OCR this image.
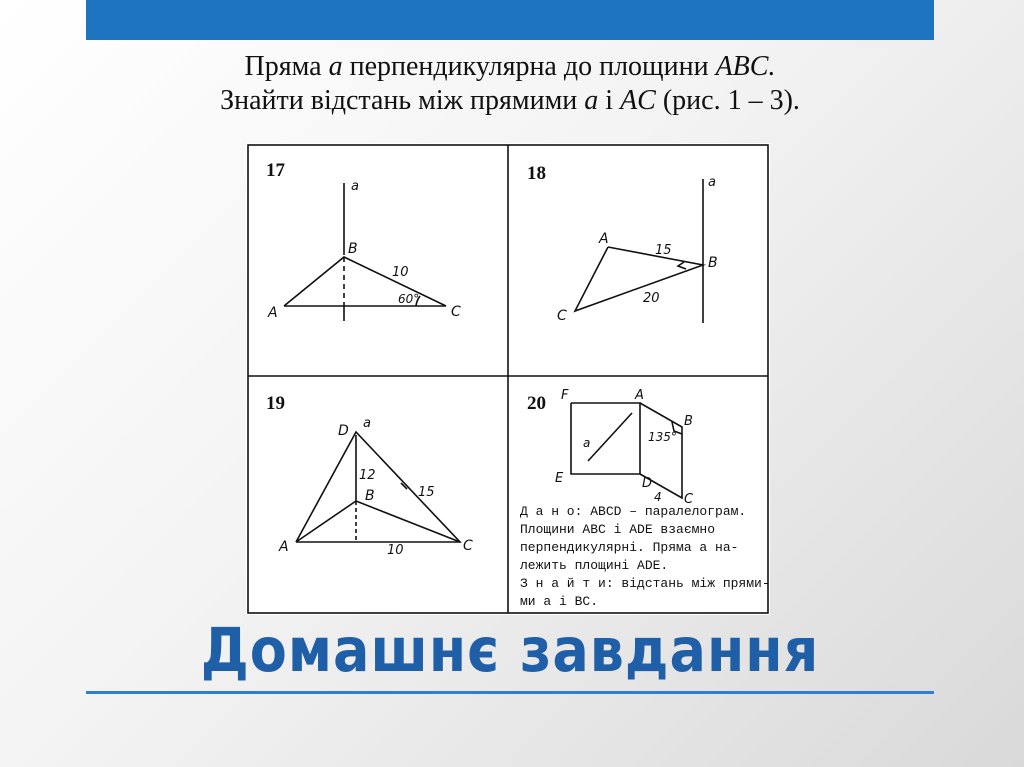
Пряма a перпендикулярна до площини ABC.
Знайти відстань між прямими a і AC (рис. 1 – 3).
17
a
B
A	C
10
60°
18	a
A
B
C
15
20
19
a
D
A
B
C
12
15
10
20 F	A
B
E	D
C
a	135°
4
Д а н о: ABCD – паралелограм.
Площини ABC і ADE взаємно
перпендикулярні. Пряма a на-
лежить площині ADE.
З н а й т и: відстань між прями-
ми a і BC.
Домашнє завдання
